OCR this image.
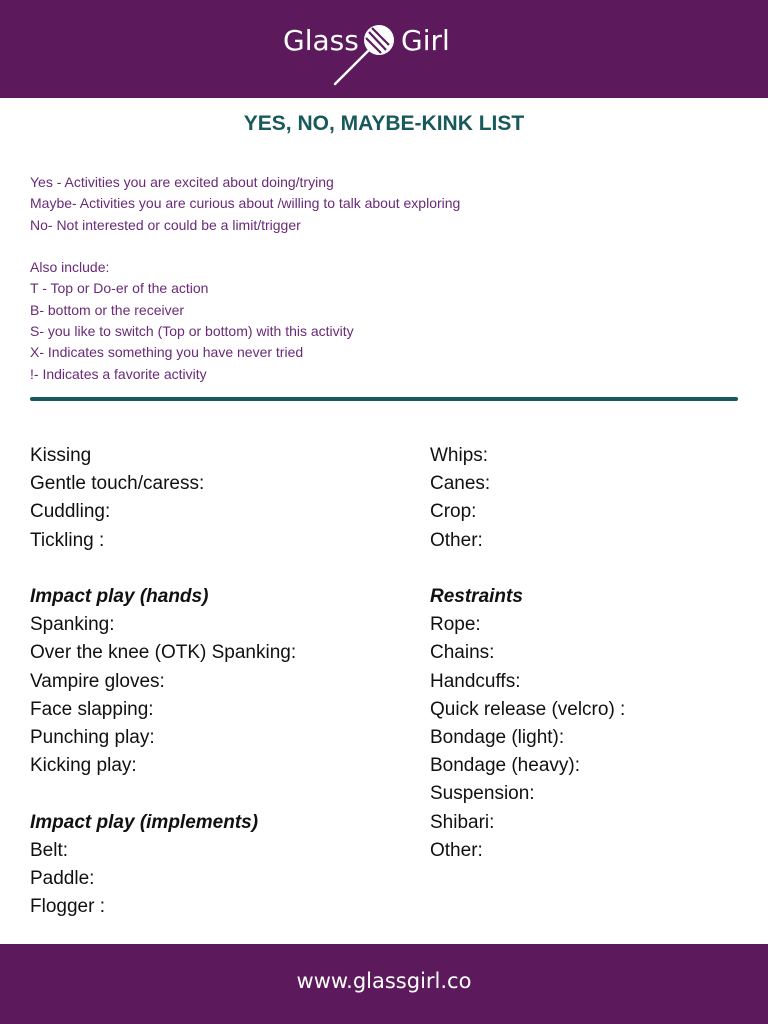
Glass Girl
YES, NO, MAYBE-KINK LIST
Yes - Activities you are excited about doing/trying
Maybe- Activities you are curious about /willing to talk about exploring
No- Not interested or could be a limit/trigger
Also include:
T - Top or Do-er of the action
B- bottom or the receiver
S- you like to switch (Top or bottom) with this activity
X- Indicates something you have never tried
!- Indicates a favorite activity
Kissing
Gentle touch/caress:
Cuddling:
Tickling :
Impact play (hands)
Spanking:
Over the knee (OTK) Spanking:
Vampire gloves:
Face slapping:
Punching play:
Kicking play:
Impact play (implements)
Belt:
Paddle:
Flogger :
Whips:
Canes:
Crop:
Other:
Restraints
Rope:
Chains:
Handcuffs:
Quick release (velcro) :
Bondage (light):
Bondage (heavy):
Suspension:
Shibari:
Other:
www.glassgirl.co
